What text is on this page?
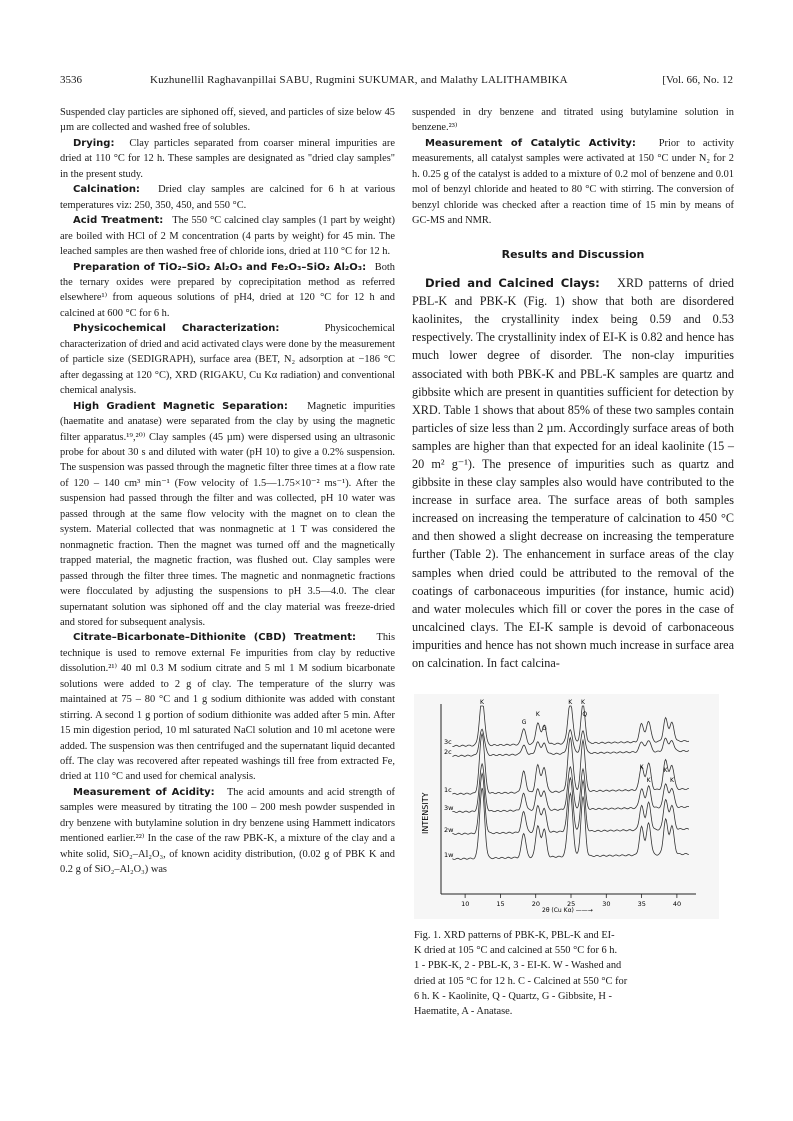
3536	Kuzhunellil Raghavanpillai SABU, Rugmini SUKUMAR, and Malathy LALITHAMBIKA	[Vol. 66, No. 12

Suspended clay particles are siphoned off, sieved, and particles of size below 45 µm are collected and washed free of solubles.

Drying: Clay particles separated from coarser mineral impurities are dried at 110 °C for 12 h. These samples are designated as "dried clay samples" in the present study.

Calcination: Dried clay samples are calcined for 6 h at various temperatures viz: 250, 350, 450, and 550 °C.

Acid Treatment: The 550 °C calcined clay samples (1 part by weight) are boiled with HCl of 2 M concentration (4 parts by weight) for 45 min. The leached samples are then washed free of chloride ions, dried at 110 °C for 12 h.

Preparation of TiO₂–SiO₂ Al₂O₃ and Fe₂O₃–SiO₂ Al₂O₃: Both the ternary oxides were prepared by coprecipitation method as referred elsewhere¹⁾ from aqueous solutions of pH4, dried at 120 °C for 12 h and calcined at 600 °C for 6 h.

Physicochemical Characterization:	Physicochemical characterization of dried and acid activated clays were done by the measurement of particle size (SEDIGRAPH), surface area (BET, N₂ adsorption at −186 °C after degassing at 120 °C), XRD (RIGAKU, Cu Kα radiation) and conventional chemical analysis.

High Gradient Magnetic Separation: Magnetic impurities (haematite and anatase) were separated from the clay by using the magnetic filter apparatus.¹⁹,²⁰⁾ Clay samples (45 µm) were dispersed using an ultrasonic probe for about 30 s and diluted with water (pH 10) to give a 0.2% suspension. The suspension was passed through the magnetic filter three times at a flow rate of 120 – 140 cm³ min⁻¹ (Fow velocity of 1.5—1.75×10⁻² ms⁻¹). After the suspension had passed through the filter and was collected, pH 10 water was passed through at the same flow velocity with the magnet on to clean the system. Material collected that was nonmagnetic at 1 T was considered the nonmagnetic fraction. Then the magnet was turned off and the magnetically trapped material, the magnetic fraction, was flushed out. Clay samples were passed through the filter three times. The magnetic and nonmagnetic fractions were flocculated by adjusting the suspensions to pH 3.5—4.0. The clear supernatant solution was siphoned off and the clay material was freeze-dried and stored for subsequent analysis.

Citrate–Bicarbonate–Dithionite (CBD) Treatment: This technique is used to remove external Fe impurities from clay by reductive dissolution.²¹⁾ 40 ml 0.3 M sodium citrate and 5 ml 1 M sodium bicarbonate solutions were added to 2 g of clay. The temperature of the slurry was maintained at 75 – 80 °C and 1 g sodium dithionite was added with constant stirring. A second 1 g portion of sodium dithionite was added after 5 min. After 15 min digestion period, 10 ml saturated NaCl solution and 10 ml acetone were added. The suspension was then centrifuged and the supernatant liquid decanted off. The clay was recovered after repeated washings till free from extracted Fe, dried at 110 °C and used for chemical analysis.

Measurement of Acidity: The acid amounts and acid strength of samples were measured by titrating the 100 – 200 mesh powder suspended in dry benzene with butylamine solution in dry benzene using Hammett indicators mentioned earlier.²²⁾ In the case of the raw PBK-K, a mixture of the clay and a white solid, SiO₂–Al₂O₃, of known acidity distribution, (0.02 g of PBK K and 0.2 g of SiO₂–Al₂O₃) was

suspended in dry benzene and titrated using butylamine solution in benzene.²³⁾

Measurement of Catalytic Activity: Prior to activity measurements, all catalyst samples were activated at 150 °C under N₂ for 2 h. 0.25 g of the catalyst is added to a mixture of 0.2 mol of benzene and 0.01 mol of benzyl chloride and heated to 80 °C with stirring. The conversion of benzyl chloride was checked after a reaction time of 15 min by means of GC-MS and NMR.

Results and Discussion

Dried and Calcined Clays: XRD patterns of dried PBL-K and PBK-K (Fig. 1) show that both are disordered kaolinites, the crystallinity index being 0.59 and 0.53 respectively. The crystallinity index of EI-K is 0.82 and hence has much lower degree of disorder. The non-clay impurities associated with both PBK-K and PBL-K samples are quartz and gibbsite which are present in quantities sufficient for detection by XRD. Table 1 shows that about 85% of these two samples contain particles of size less than 2 µm. Accordingly surface areas of both samples are higher than that expected for an ideal kaolinite (15 – 20 m² g⁻¹). The presence of impurities such as quartz and gibbsite in these clay samples also would have contributed to the increase in surface area. The surface areas of both samples increased on increasing the temperature of calcination to 450 °C and then showed a slight decrease on increasing the temperature further (Table 2). The enhancement in surface areas of the clay samples when dried could be attributed to the removal of the coatings of carbonaceous impurities (for instance, humic acid) and water molecules which fill or cover the pores in the case of uncalcined clays. The EI-K sample is devoid of carbonaceous impurities and hence has not shown much increase in surface area on calcination. In fact calcina-

INTENSITY
2θ (Cu Kα) ——→
10	15	20	25	30	35	40
3c
2c
1c
3w
2w
1w
K	K K
K
K	K
K	K
G
G
Q
Fig. 1. XRD patterns of PBK-K, PBL-K and EI-
K dried at 105 °C and calcined at 550 °C for 6 h.
1 - PBK-K, 2 - PBL-K, 3 - EI-K. W - Washed and
dried at 105 °C for 12 h. C - Calcined at 550 °C for
6 h. K - Kaolinite, Q - Quartz, G - Gibbsite, H -
Haematite, A - Anatase.
